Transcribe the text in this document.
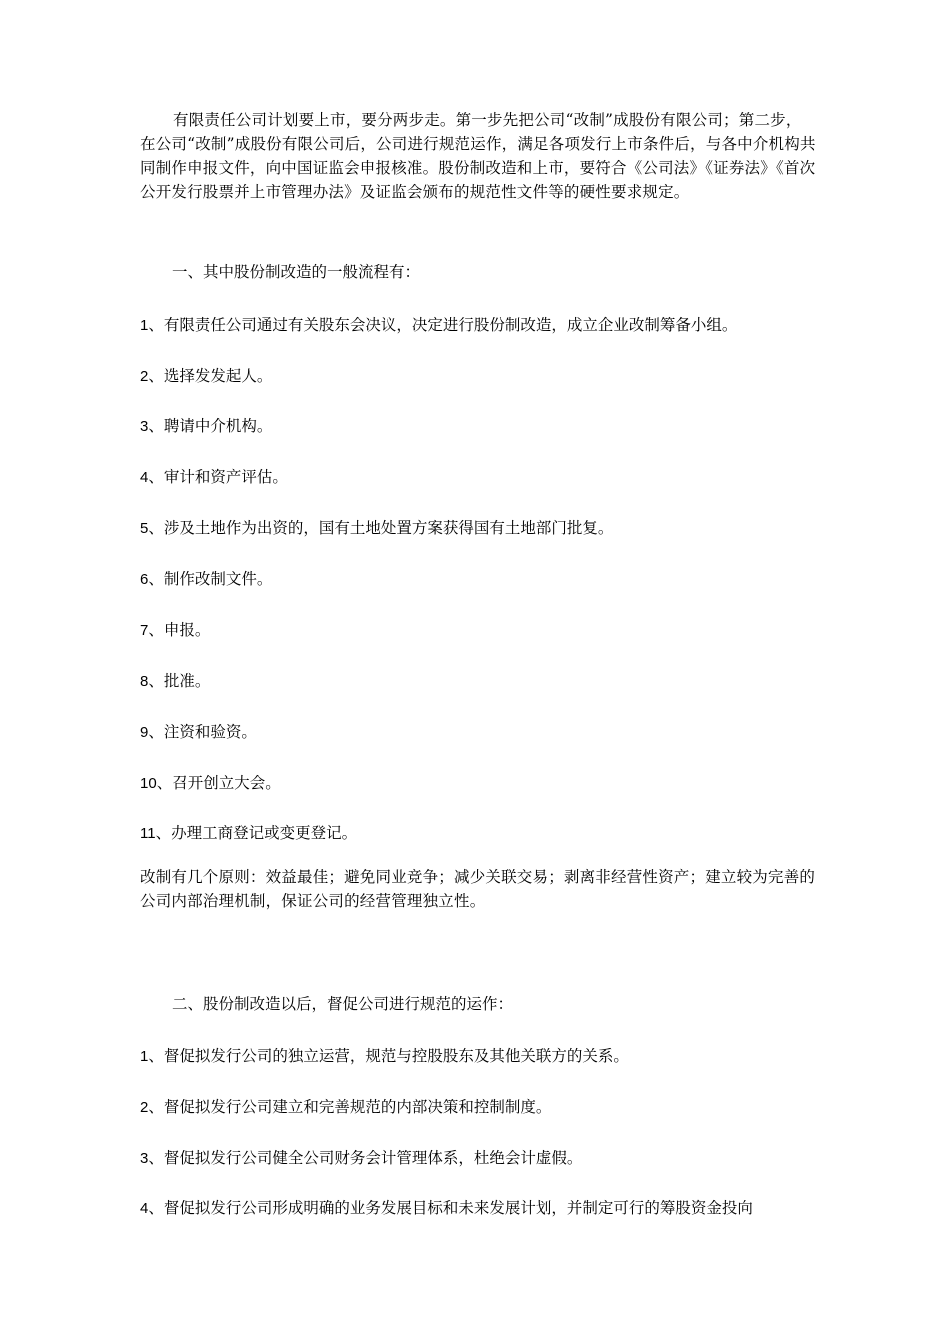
有限责任公司计划要上市，要分两步走。第一步先把公司“改制”成股份有限公司；第二步，在公司“改制”成股份有限公司后，公司进行规范运作，满足各项发行上市条件后，与各中介机构共同制作申报文件，向中国证监会申报核准。股份制改造和上市，要符合《公司法》《证券法》《首次公开发行股票并上市管理办法》及证监会颁布的规范性文件等的硬性要求规定。

一、其中股份制改造的一般流程有：

1、有限责任公司通过有关股东会决议，决定进行股份制改造，成立企业改制筹备小组。

2、选择发发起人。

3、聘请中介机构。

4、审计和资产评估。

5、涉及土地作为出资的，国有土地处置方案获得国有土地部门批复。

6、制作改制文件。

7、申报。

8、批准。

9、注资和验资。

10、召开创立大会。

11、办理工商登记或变更登记。

改制有几个原则：效益最佳；避免同业竞争；减少关联交易；剥离非经营性资产；建立较为完善的公司内部治理机制，保证公司的经营管理独立性。

二、股份制改造以后，督促公司进行规范的运作：

1、督促拟发行公司的独立运营，规范与控股股东及其他关联方的关系。

2、督促拟发行公司建立和完善规范的内部决策和控制制度。

3、督促拟发行公司健全公司财务会计管理体系，杜绝会计虚假。

4、督促拟发行公司形成明确的业务发展目标和未来发展计划，并制定可行的筹股资金投向
